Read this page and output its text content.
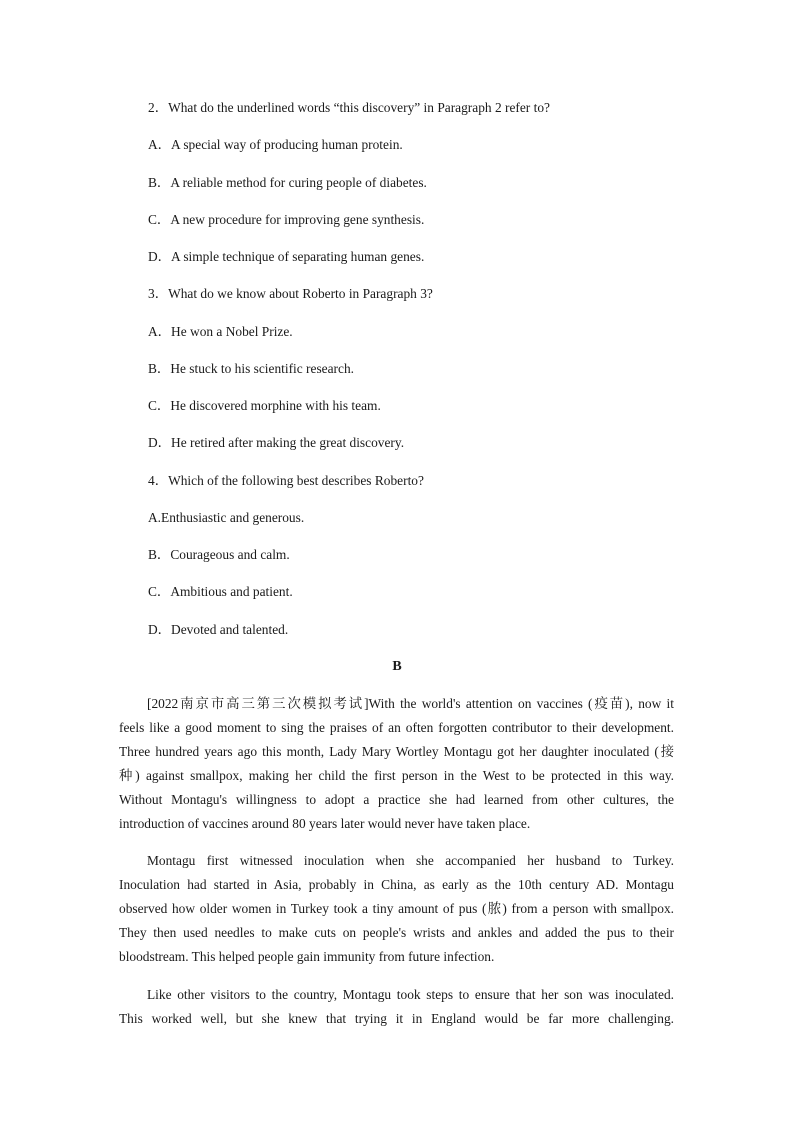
2．What do the underlined words “this discovery” in Paragraph 2 refer to?
A．A special way of producing human protein.
B．A reliable method for curing people of diabetes.
C．A new procedure for improving gene synthesis.
D．A simple technique of separating human genes.
3．What do we know about Roberto in Paragraph 3?
A．He won a Nobel Prize.
B．He stuck to his scientific research.
C．He discovered morphine with his team.
D．He retired after making the great discovery.
4．Which of the following best describes Roberto?
A.Enthusiastic and generous.
B．Courageous and calm.
C．Ambitious and patient.
D．Devoted and talented.
B
[2022南京市高三第三次模拟考试]With the world's attention on vaccines (疫苗), now it
feels like a good moment to sing the praises of an often forgotten contributor to their development.
Three hundred years ago this month, Lady Mary Wortley Montagu got her daughter inoculated (接
种) against smallpox, making her child the first person in the West to be protected in this way.
Without Montagu's willingness to adopt a practice she had learned from other cultures, the
introduction of vaccines around 80 years later would never have taken place.
Montagu first witnessed inoculation when she accompanied her husband to Turkey.
Inoculation had started in Asia, probably in China, as early as the 10th century AD. Montagu
observed how older women in Turkey took a tiny amount of pus (脓) from a person with smallpox.
They then used needles to make cuts on people's wrists and ankles and added the pus to their
bloodstream. This helped people gain immunity from future infection.
Like other visitors to the country, Montagu took steps to ensure that her son was inoculated.
This worked well, but she knew that trying it in England would be far more challenging.
